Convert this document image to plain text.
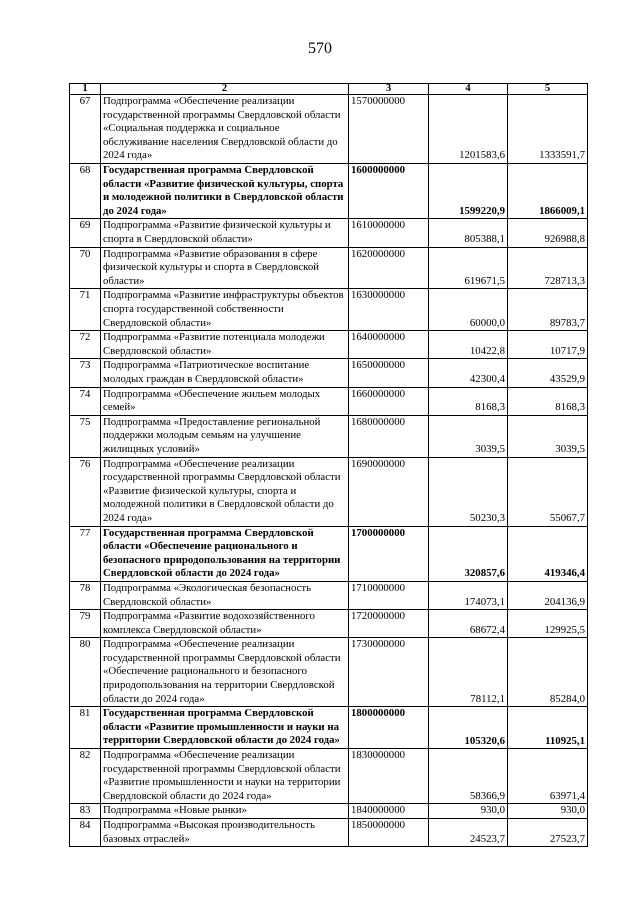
570
1	2	3	4	5
67	Подпрограмма «Обеспечение реализации государственной программы Свердловской области «Социальная поддержка и социальное обслуживание населения Свердловской области до 2024 года»	1570000000	1201583,6	1333591,7
68	Государственная программа Свердловской области «Развитие физической культуры, спорта и молодежной политики в Свердловской области до 2024 года»	1600000000	1599220,9	1866009,1
69	Подпрограмма «Развитие физической культуры и спорта в Свердловской области»	1610000000	805388,1	926988,8
70	Подпрограмма «Развитие образования в сфере физической культуры и спорта в Свердловской области»	1620000000	619671,5	728713,3
71	Подпрограмма «Развитие инфраструктуры объектов спорта государственной собственности Свердловской области»	1630000000	60000,0	89783,7
72	Подпрограмма «Развитие потенциала молодежи Свердловской области»	1640000000	10422,8	10717,9
73	Подпрограмма «Патриотическое воспитание молодых граждан в Свердловской области»	1650000000	42300,4	43529,9
74	Подпрограмма «Обеспечение жильем молодых семей»	1660000000	8168,3	8168,3
75	Подпрограмма «Предоставление региональной поддержки молодым семьям на улучшение жилищных условий»	1680000000	3039,5	3039,5
76	Подпрограмма «Обеспечение реализации государственной программы Свердловской области «Развитие физической культуры, спорта и молодежной политики в Свердловской области до 2024 года»	1690000000	50230,3	55067,7
77	Государственная программа Свердловской области «Обеспечение рационального и безопасного природопользования на территории Свердловской области до 2024 года»	1700000000	320857,6	419346,4
78	Подпрограмма «Экологическая безопасность Свердловской области»	1710000000	174073,1	204136,9
79	Подпрограмма «Развитие водохозяйственного комплекса Свердловской области»	1720000000	68672,4	129925,5
80	Подпрограмма «Обеспечение реализации государственной программы Свердловской области «Обеспечение рационального и безопасного природопользования на территории Свердловской области до 2024 года»	1730000000	78112,1	85284,0
81	Государственная программа Свердловской области «Развитие промышленности и науки на территории Свердловской области до 2024 года»	1800000000	105320,6	110925,1
82	Подпрограмма «Обеспечение реализации государственной программы Свердловской области «Развитие промышленности и науки на территории Свердловской области до 2024 года»	1830000000	58366,9	63971,4
83	Подпрограмма «Новые рынки»	1840000000	930,0	930,0
84	Подпрограмма «Высокая производительность базовых отраслей»	1850000000	24523,7	27523,7
